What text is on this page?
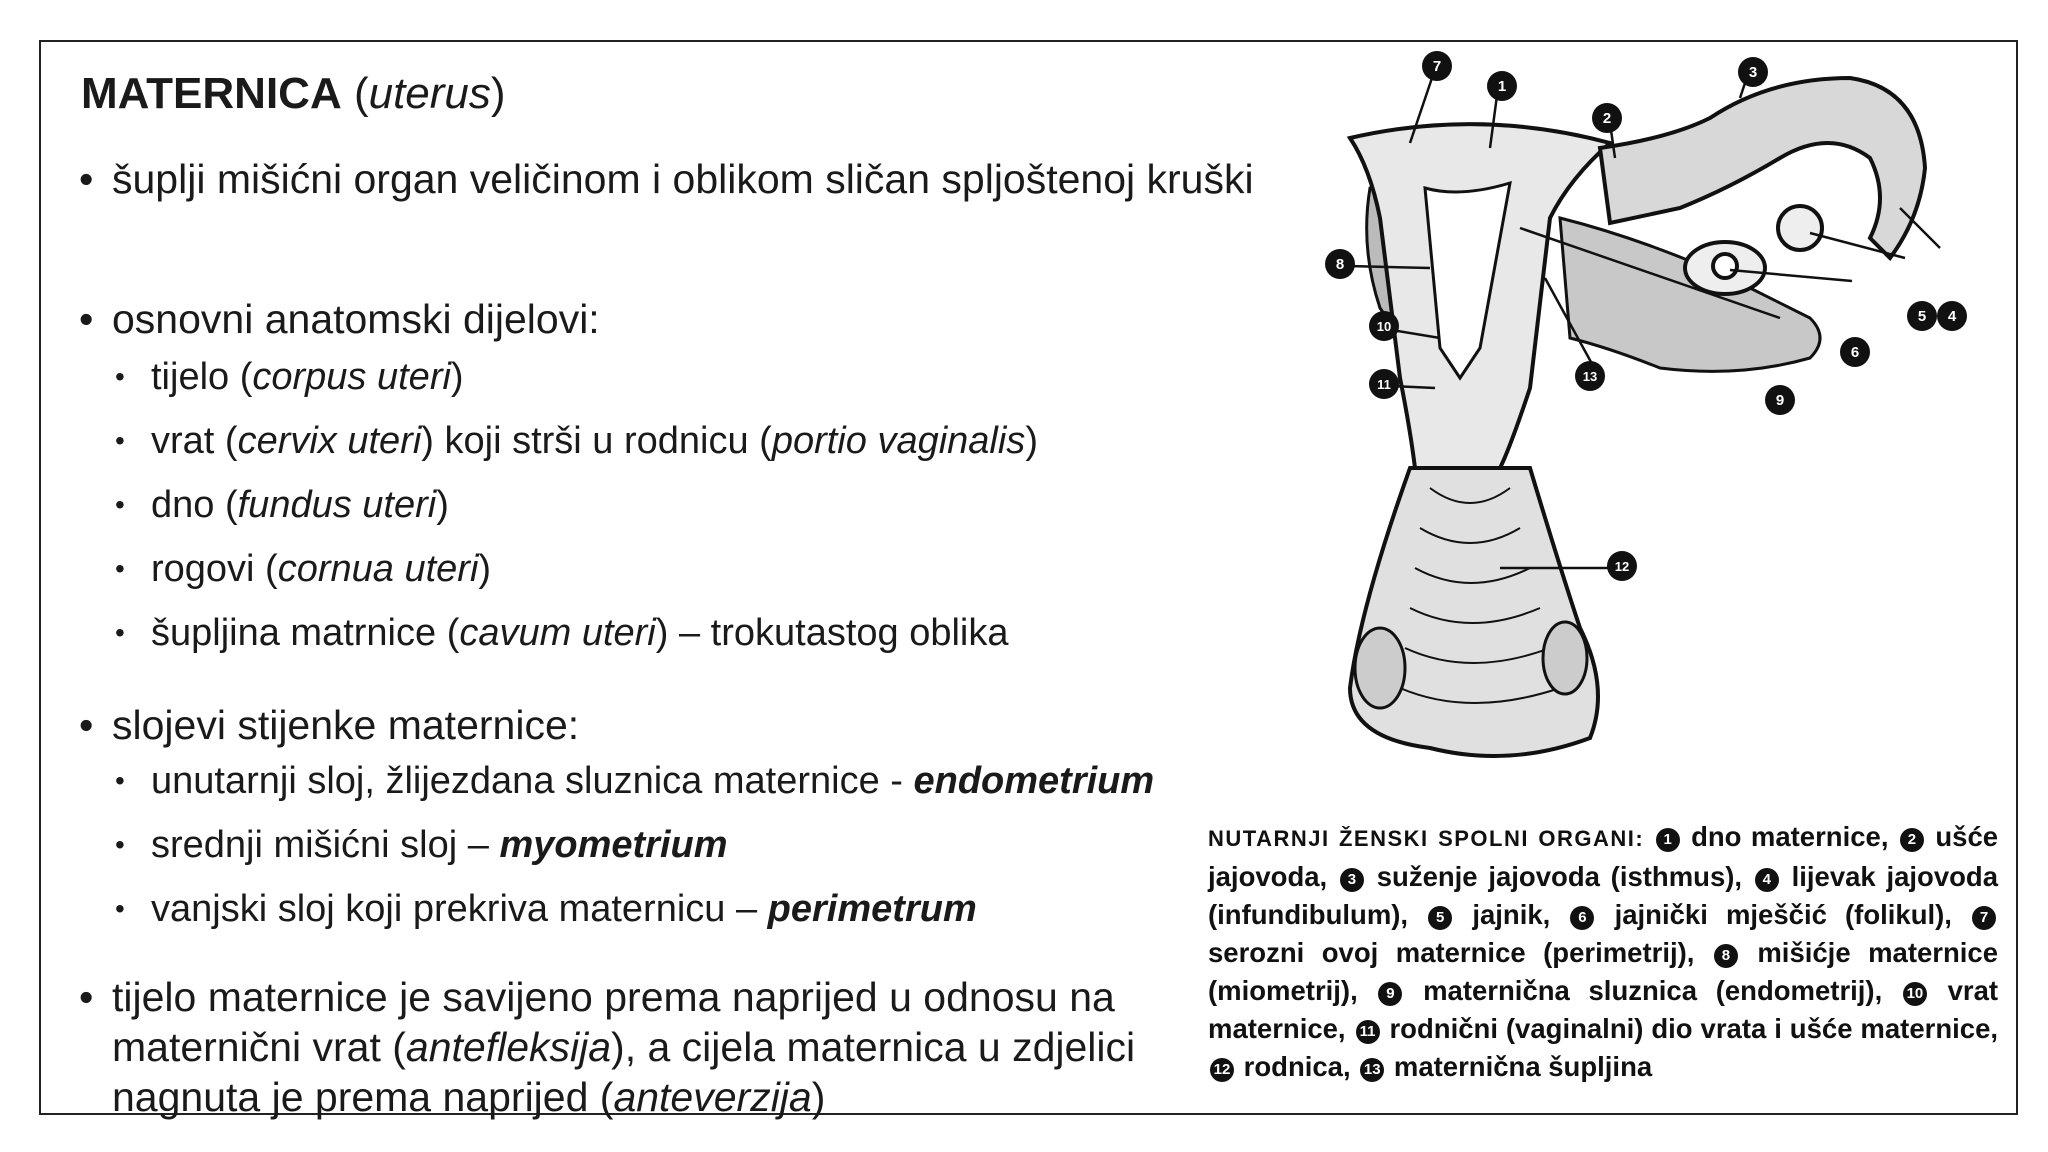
MATERNICA (uterus)
• šuplji mišićni organ veličinom i oblikom sličan spljoštenoj kruški
• osnovni anatomski dijelovi:
• tijelo (corpus uteri)
• vrat (cervix uteri) koji strši u rodnicu (portio vaginalis)
• dno (fundus uteri)
• rogovi (cornua uteri)
• šupljina matrnice (cavum uteri) – trokutastog oblika
• slojevi stijenke maternice:
• unutarnji sloj, žlijezdana sluznica maternice - endometrium
• srednji mišićni sloj – myometrium
• vanjski sloj koji prekriva maternicu – perimetrum
• tijelo maternice je savijeno prema naprijed u odnosu na maternični vrat (antefleksija), a cijela maternica u zdjelici nagnuta je prema naprijed (anteverzija)
7
1
2
3
8
4
5
6
10
13
9
11
12
NUTARNJI ŽENSKI SPOLNI ORGANI: 1 dno maternice, 2 ušće jajovoda, 3 suženje jajovoda (isthmus), 4 lijevak jajovoda (infundibulum), 5 jajnik, 6 jajnički mješčić (folikul), 7 serozni ovoj maternice (perimetrij), 8 mišićje maternice (miometrij), 9 maternična sluznica (endometrij), 10 vrat maternice, 11 rodnični (vaginalni) dio vrata i ušće maternice, 12 rodnica, 13 maternična šupljina
